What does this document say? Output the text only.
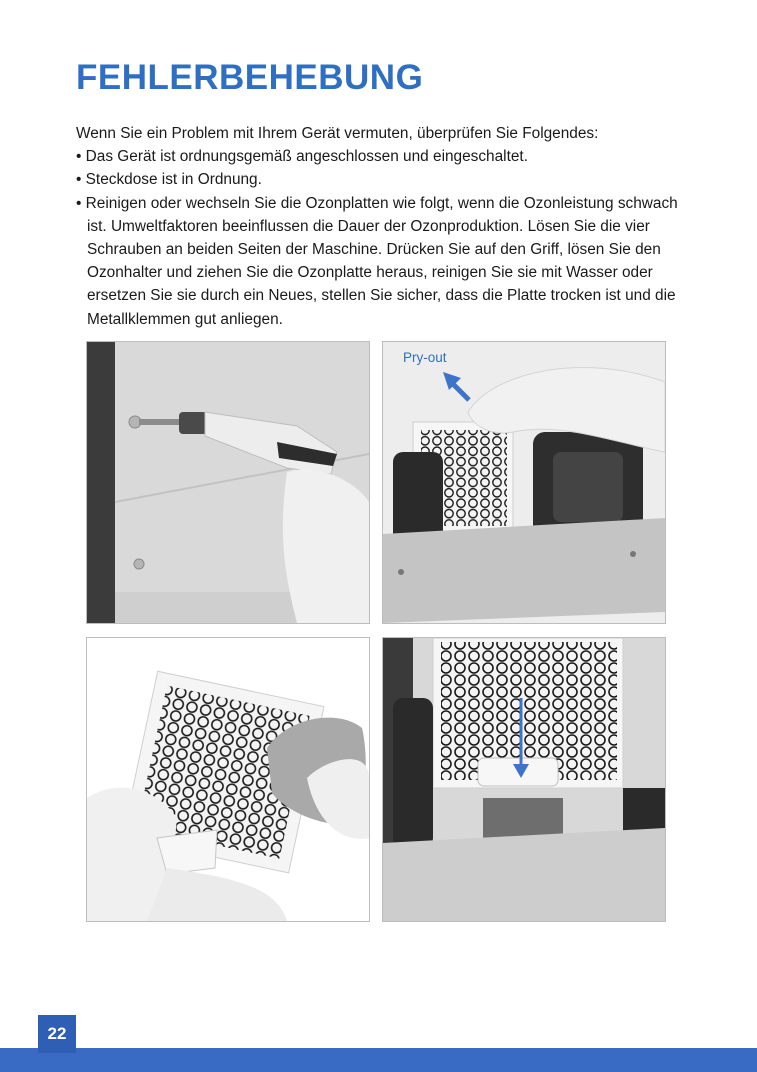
FEHLERBEHEBUNG

Wenn Sie ein Problem mit Ihrem Gerät vermuten, überprüfen Sie Folgendes:

• Das Gerät ist ordnungsgemäß angeschlossen und eingeschaltet.

• Steckdose ist in Ordnung.

• Reinigen oder wechseln Sie die Ozonplatten wie folgt, wenn die Ozonleistung schwach ist. Umweltfaktoren beeinflussen die Dauer der Ozonproduktion. Lösen Sie die vier Schrauben an beiden Seiten der Maschine. Drücken Sie auf den Griff, lösen Sie den Ozonhalter und ziehen Sie die Ozonplatte heraus, reinigen Sie sie mit Wasser oder ersetzen Sie sie durch ein Neues, stellen Sie sicher, dass die Platte trocken ist und die Metallklemmen gut anliegen.

Pry-out

22
